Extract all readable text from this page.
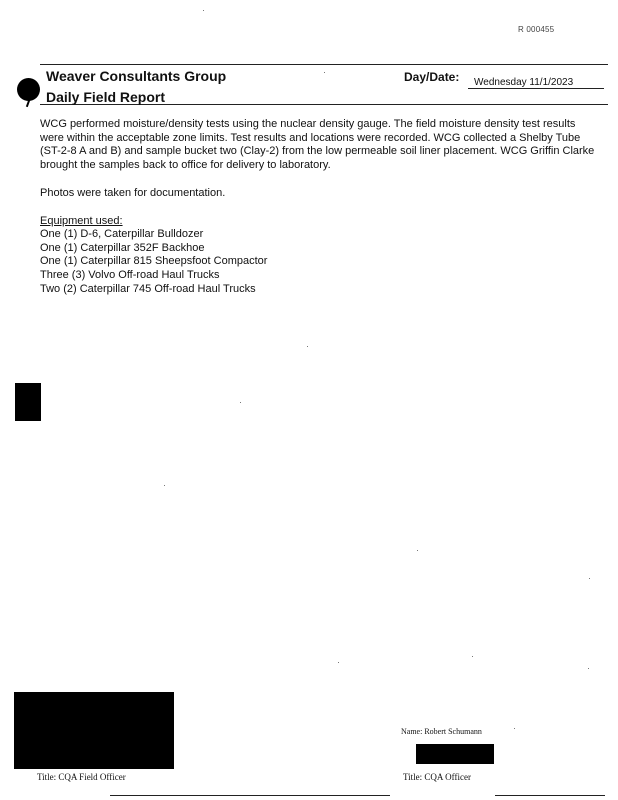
R 000455
Weaver Consultants Group
Daily Field Report
Day/Date: Wednesday 11/1/2023
WCG performed moisture/density tests using the nuclear density gauge. The field moisture density test results were within the acceptable zone limits. Test results and locations were recorded. WCG collected a Shelby Tube (ST-2-8 A and B) and sample bucket two (Clay-2) from the low permeable soil liner placement. WCG Griffin Clarke brought the samples back to office for delivery to laboratory.
Photos were taken for documentation.
Equipment used:
One (1) D-6, Caterpillar Bulldozer
One (1) Caterpillar 352F Backhoe
One (1) Caterpillar 815 Sheepsfoot Compactor
Three (3) Volvo Off-road Haul Trucks
Two (2) Caterpillar 745 Off-road Haul Trucks
Name: Robert Schumann
Title: CQA Field Officer	Title: CQA Officer
